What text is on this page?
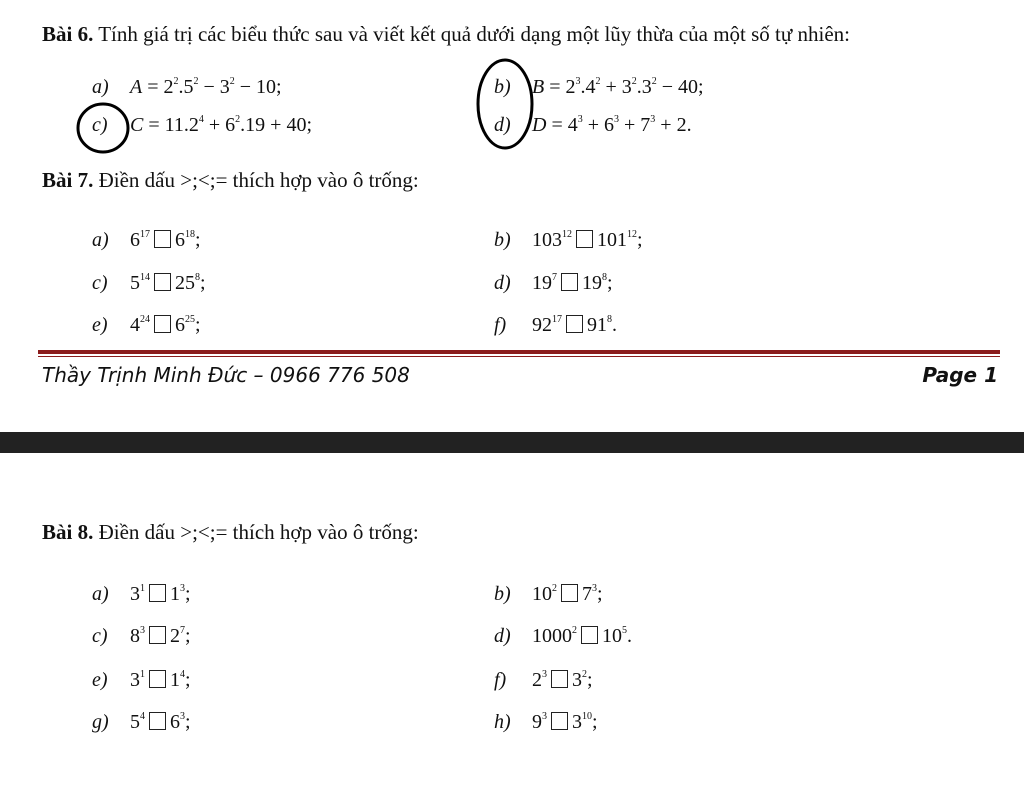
Bài 6. Tính giá trị các biểu thức sau và viết kết quả dưới dạng một lũy thừa của một số tự nhiên:
a)	$A = 2^2.5^2 - 3^2 - 10$;	b)	$B = 2^3.4^2 + 3^2.3^2 - 40$;
c)	$C = 11.2^4 + 6^2.19 + 40$;	d)	$D = 4^3 + 6^3 + 7^3 + 2$.
Bài 7. Điền dấu >;<;= thích hợp vào ô trống:
a)	$6^{17}$ $6^{18}$;	b)	$103^{12}$ $101^{12}$;
c)	$5^{14}$ $25^8$;	d)	$19^7$ $19^8$;
e)	$4^{24}$ $6^{25}$;	f)	$92^{17}$ $91^8$.
Thầy Trịnh Minh Đức – 0966 776 508	Page 1
Bài 8. Điền dấu >;<;= thích hợp vào ô trống:
a)	$3^1$ $1^3$;	b)	$10^2$ $7^3$;
c)	$8^3$ $2^7$;	d)	1000$^2$ $10^5$.
e)	$3^1$ $1^4$;	f)	$2^3$ $3^2$;
g)	$5^4$ $6^3$;	h)	$9^3$ $3^{10}$;
